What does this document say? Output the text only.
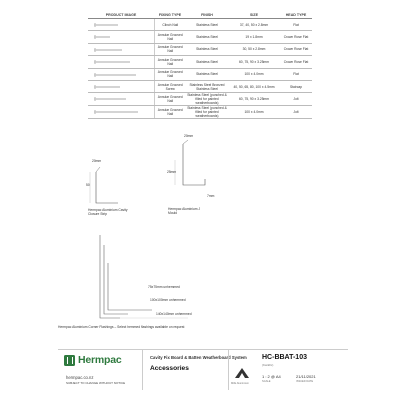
PRODUCT IMAGE	FIXING TYPE	FINISH	SIZE	HEAD TYPE

	Clinch Nail	Stainless Steel	37, 40, 50 x 2.8mm	Flat

	Annular Grooved Nail	Stainless Steel	19 x 1.8mm	Crown Rose Flat

	Annular Grooved Nail	Stainless Steel	30, 50 x 2.8mm	Crown Rose Flat

	Annular Grooved Nail	Stainless Steel	60, 75, 90 x 3.25mm	Crown Rose Flat

	Annular Grooved Nail	Stainless Steel	100 x 4.0mm	Flat

	Annular Grooved Screw	Stainless Steel Bronzed Stainless Steel	40, 50, 65, 80, 100 x 4.5mm	Staircap

	Annular Grooved Nail	Stainless Steel (punched & filled for painted weatherboards)	60, 75, 90 x 3.25mm	Jolt

	Annular Grooved Nail	Stainless Steel (punched & filled for painted weatherboards)	100 x 4.0mm	Jolt
20mm
50
Hermpac Aluminium Cavity Closure Strip
20mm
25mm
7mm
Hermpac Aluminium J Mould
75x75mm unhemmed
100x100mm unhemmed
140x140mm unhemmed
Hermpac Aluminium Corner Flashings – Select hemmed flashings available on request
Hermpac
hermpac.co.nz
SUBJECT TO CHANGE WITHOUT NOTICE
Cavity Fix Board & Batten Weatherboard System
Accessories
Mills Aluminium
HC-BBAT-103
(Kwikfix)
1 : 2 @ A4
SCALE
21/11/2021
ISSUED DATE
